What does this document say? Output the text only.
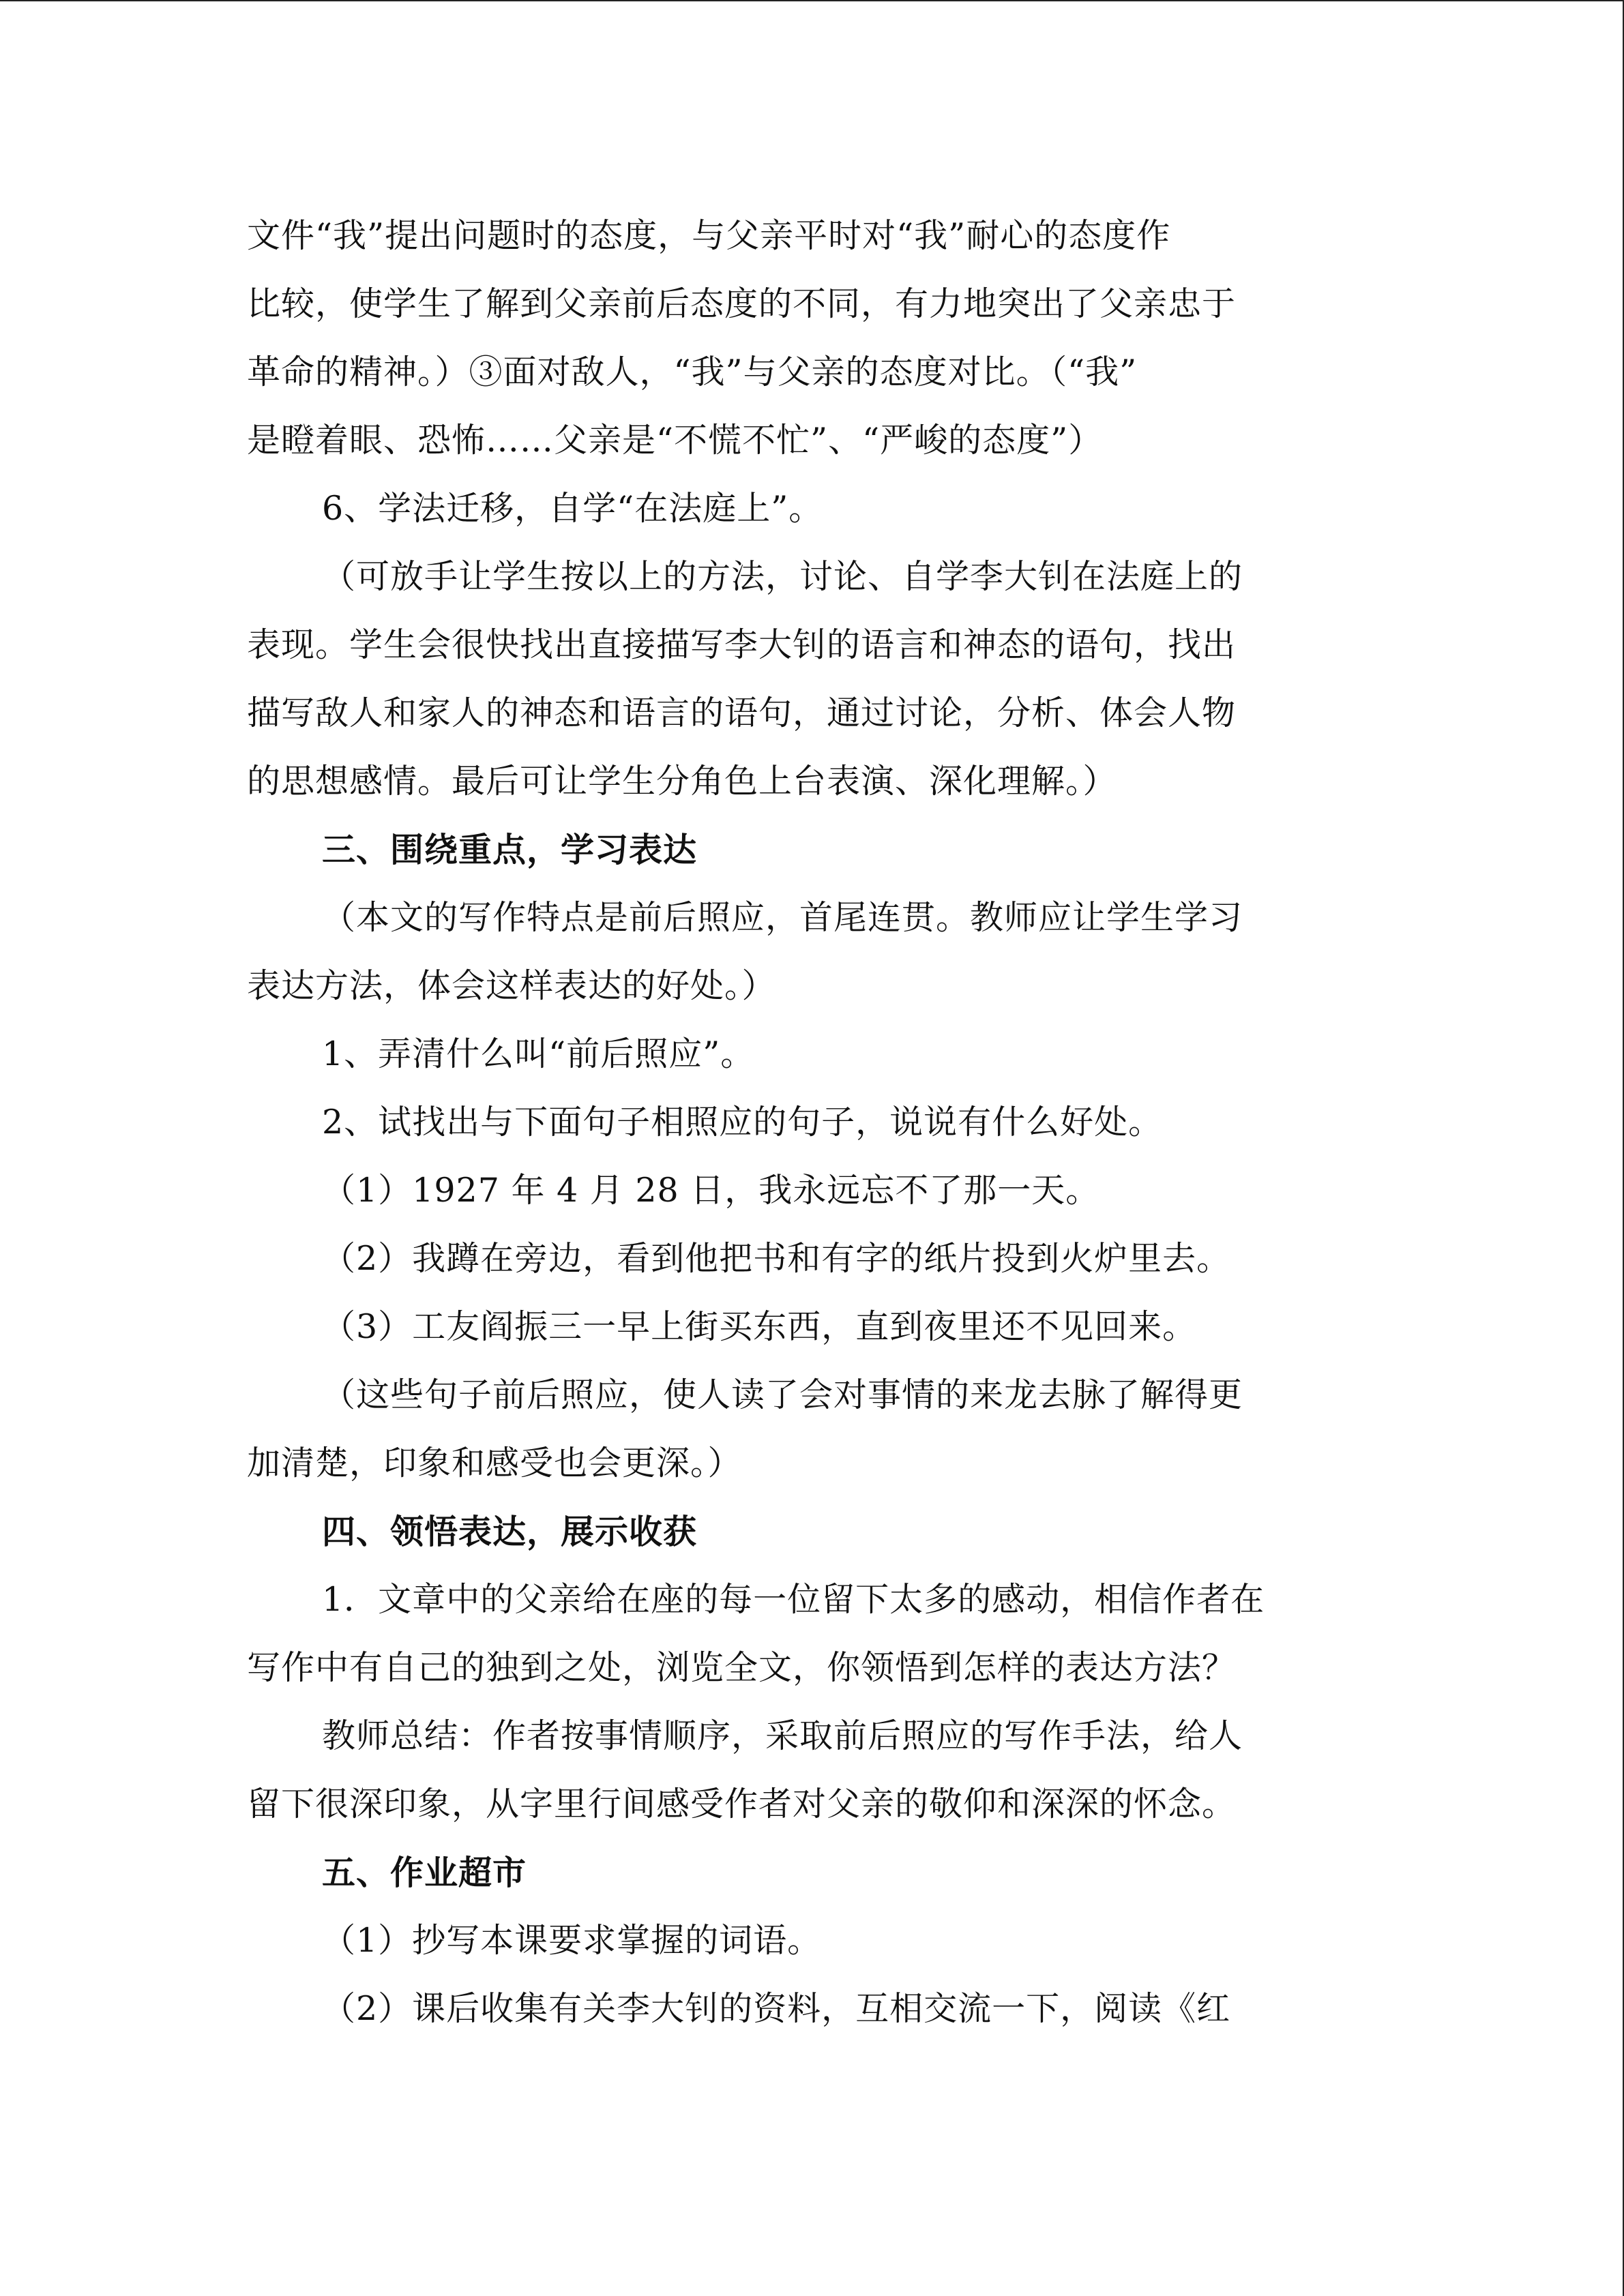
文件“我”提出问题时的态度，与父亲平时对“我”耐心的态度作
比较，使学生了解到父亲前后态度的不同，有力地突出了父亲忠于
革命的精神。）③面对敌人，“我”与父亲的态度对比。（“我”
是瞪着眼、恐怖……父亲是“不慌不忙”、“严峻的态度”）
6、学法迁移，自学“在法庭上”。
（可放手让学生按以上的方法，讨论、自学李大钊在法庭上的
表现。学生会很快找出直接描写李大钊的语言和神态的语句，找出
描写敌人和家人的神态和语言的语句，通过讨论，分析、体会人物
的思想感情。最后可让学生分角色上台表演、深化理解。）
三、围绕重点，学习表达
（本文的写作特点是前后照应，首尾连贯。教师应让学生学习
表达方法，体会这样表达的好处。）
1、弄清什么叫“前后照应”。
2、试找出与下面句子相照应的句子，说说有什么好处。
（1）1927 年 4 月 28 日，我永远忘不了那一天。
（2）我蹲在旁边，看到他把书和有字的纸片投到火炉里去。
（3）工友阎振三一早上街买东西，直到夜里还不见回来。
（这些句子前后照应，使人读了会对事情的来龙去脉了解得更
加清楚，印象和感受也会更深。）
四、领悟表达，展示收获
1．文章中的父亲给在座的每一位留下太多的感动，相信作者在
写作中有自己的独到之处，浏览全文，你领悟到怎样的表达方法？
教师总结：作者按事情顺序，采取前后照应的写作手法，给人
留下很深印象，从字里行间感受作者对父亲的敬仰和深深的怀念。
五、作业超市
（1）抄写本课要求掌握的词语。
（2）课后收集有关李大钊的资料，互相交流一下，阅读《红
